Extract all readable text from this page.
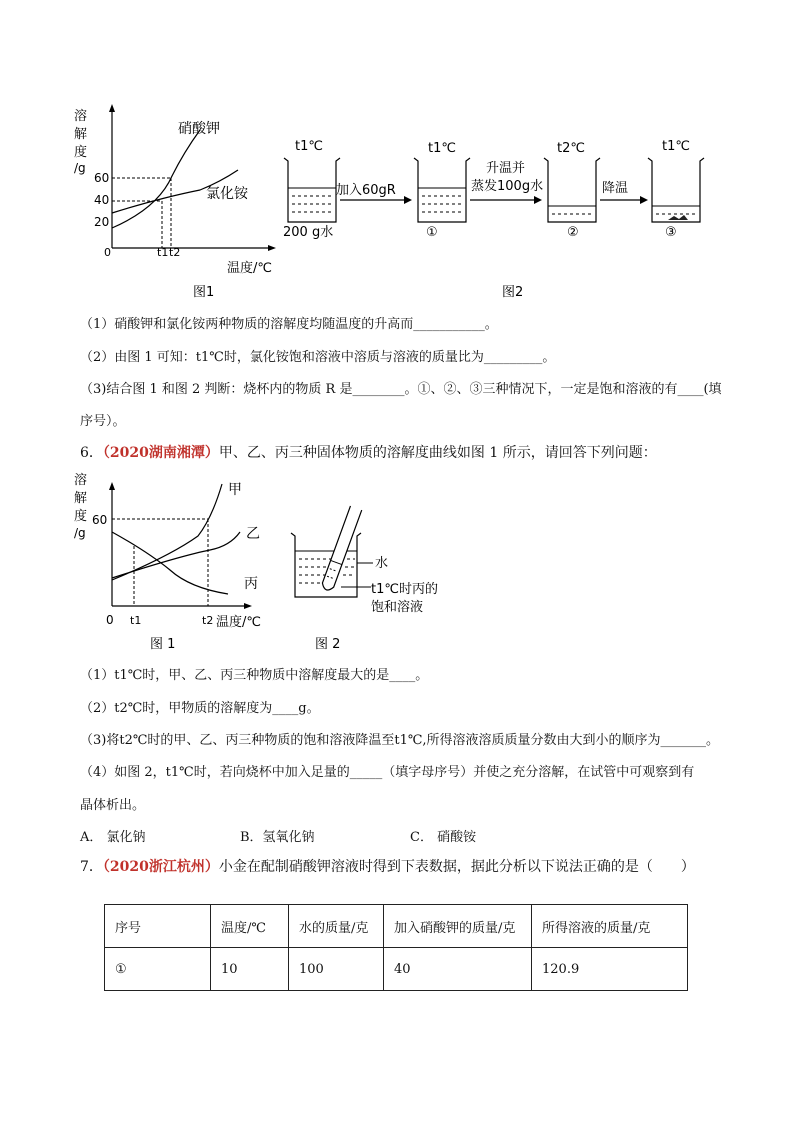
溶
解
度
/g
60
40
20
0	t1 t2
温度/℃
硝酸钾
氯化铵
图1
t1℃	t1℃	t2℃	t1℃
加入60gR
升温并
蒸发100g水	降温
200 g水	①	②	③
图2
（1）硝酸钾和氯化铵两种物质的溶解度均随温度的升高而___________。
（2）由图 1 可知：t1℃时，氯化铵饱和溶液中溶质与溶液的质量比为_________。
（3)结合图 1 和图 2 判断：烧杯内的物质 R 是________。①、②、③三种情况下，一定是饱和溶液的有____(填
序号）。
6．（2020湖南湘潭）甲、乙、丙三种固体物质的溶解度曲线如图 1 所示，请回答下列问题：
溶
解
度
/g
60
0 t1	t2 温度/℃
甲
乙
丙
图 1
水
t1℃时丙的
饱和溶液
图 2
（1）t1℃时，甲、乙、丙三种物质中溶解度最大的是____。
（2）t2℃时，甲物质的溶解度为____g。
（3)将t2℃时的甲、乙、丙三种物质的饱和溶液降温至t1℃,所得溶液溶质质量分数由大到小的顺序为_______。
（4）如图 2，t1℃时，若向烧杯中加入足量的_____（填字母序号）并使之充分溶解，在试管中可观察到有
晶体析出。
A． 氯化钠	B．氢氧化钠	C． 硝酸铵
7．（2020浙江杭州）小金在配制硝酸钾溶液时得到下表数据，据此分析以下说法正确的是（　　）
序号	温度/℃	水的质量/克	加入硝酸钾的质量/克	所得溶液的质量/克
①	10	100	40	120.9
